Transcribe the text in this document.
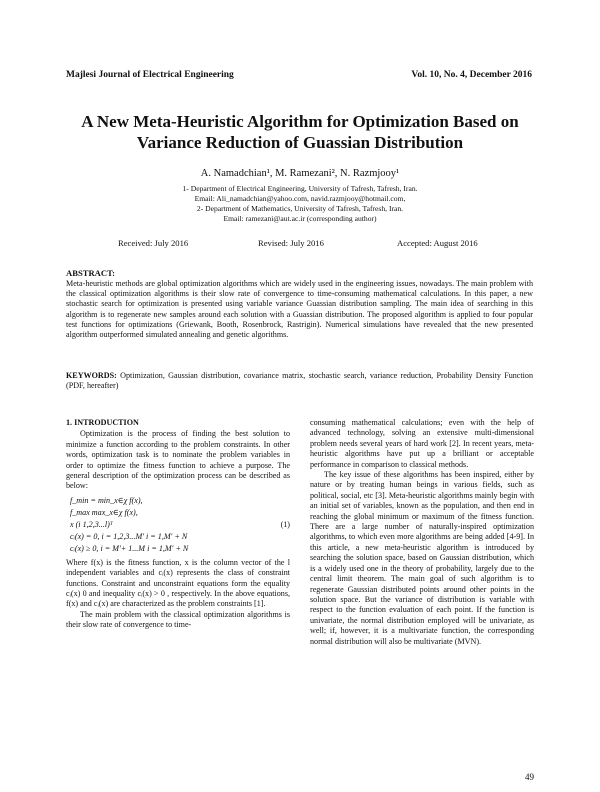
Majlesi Journal of Electrical Engineering	Vol. 10, No. 4, December 2016
A New Meta-Heuristic Algorithm for Optimization Based on
Variance Reduction of Guassian Distribution
A. Namadchian¹, M. Ramezani², N. Razmjooy¹
1- Department of Electrical Engineering, University of Tafresh, Tafresh, Iran.
Email: Ali_namadchian@yahoo.com, navid.razmjooy@hotmail.com,
2- Department of Mathematics, University of Tafresh, Tafresh, Iran.
Email: ramezani@aut.ac.ir (corresponding author)
Received: July 2016	Revised: July 2016	Accepted: August 2016
ABSTRACT:
Meta-heuristic methods are global optimization algorithms which are widely used in the engineering issues, nowadays. The main problem with the classical optimization algorithms is their slow rate of convergence to time-consuming mathematical calculations. In this paper, a new stochastic search for optimization is presented using variable variance Guassian distribution sampling. The main idea of searching in this algorithm is to regenerate new samples around each solution with a Guassian distribution. The proposed algorithm is applied to four popular test functions for optimizations (Griewank, Booth, Rosenbrock, Rastrigin). Numerical simulations have revealed that the new presented algorithm outperformed simulated annealing and genetic algorithms.
KEYWORDS: Optimization, Gaussian distribution, covariance matrix, stochastic search, variance reduction, Probability Density Function (PDF, hereafter)
1. INTRODUCTION

Optimization is the process of finding the best solution to minimize a function according to the problem constraints. In other words, optimization task is to nominate the problem variables in order to optimize the fitness function to achieve a purpose. The general description of the optimization process can be described as below:

f_min = min_x∈χ f(x),
f_max max_x∈χ f(x),
x (i 1,2,3...l)ᵀ
cᵢ(x) = 0, i = 1,2,3...M′ i = 1,M′ + N
cᵢ(x) ≥ 0, i = M′+ 1...M i = 1,M′ + N
(1)

Where f(x) is the fitness function, x is the column vector of the l independent variables and cᵢ(x) represents the class of constraint functions. Constraint and unconstraint equations form the equality cᵢ(x) 0 and inequality cᵢ(x) > 0 , respectively. In the above equations, f(x) and cᵢ(x) are characterized as the problem constraints [1].

The main problem with the classical optimization algorithms is their slow rate of convergence to time-

consuming mathematical calculations; even with the help of advanced technology, solving an extensive multi-dimensional problem needs several years of hard work [2]. In recent years, meta-heuristic algorithms have put up a brilliant or acceptable performance in comparison to classical methods.

The key issue of these algorithms has been inspired, either by nature or by treating human beings in various fields, such as political, social, etc [3]. Meta-heuristic algorithms mainly begin with an initial set of variables, known as the population, and then end in reaching the global minimum or maximum of the fitness function. There are a large number of naturally-inspired optimization algorithms, to which even more algorithms are being added [4-9]. In this article, a new meta-heuristic algorithm is introduced by searching the solution space, based on Gaussian distribution, which is a widely used one in the theory of probability, largely due to the central limit theorem. The main goal of such algorithm is to regenerate Gaussian distributed points around other points in the solution space. But the variance of distribution is variable with respect to the function evaluation of each point. If the function is univariate, the normal distribution employed will be univariate, as well; if, however, it is a multivariate function, the corresponding normal distribution will also be multivariate (MVN).

49
